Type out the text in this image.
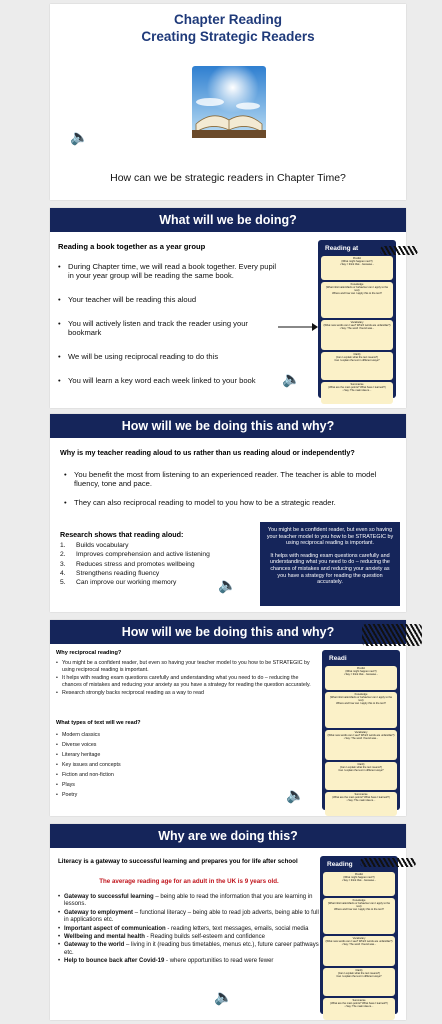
Chapter Reading
Creating Strategic Readers
🔈
How can we be strategic readers in Chapter Time?
What will we be doing?
Reading a book together as a year group
• During Chapter time, we will read a book together. Every pupil in your year group will be reading the same book.
• Your teacher will be reading this aloud
• You will actively listen and track the reader using your bookmark
• We will be using reciprocal reading to do this
• You will learn a key word each week linked to your book	🔈
Reading at
Predict
(What might happen next?)
• Say: I think that... because...
Knowledge
(What information/facts or behaviour can I apply to the text)
Where and how can I apply this to the text?
Vocabulary
(What new words can I see? Which words are unfamiliar?)
• Say: The word I found was...
Clarify
(Can I explain what the text means?)
Can I explain the text in different ways?
Summarise
(What are the main points? What have I learned?)
• Say: The main idea is...
How will we be doing this and why?
Why is my teacher reading aloud to us rather than us reading aloud or independently?
• You benefit the most from listening to an experienced reader. The teacher is able to model fluency, tone and pace.
• They can also reciprocal reading to model to you how to be a strategic reader.
Research shows that reading aloud:
1. Builds vocabulary
2. Improves comprehension and active listening
3. Reduces stress and promotes wellbeing
4. Strengthens reading fluency
5. Can improve our working memory	🔈
You might be a confident reader, but even so having your teacher model to you how to be STRATEGIC by using reciprocal reading is important.
It helps with reading exam questions carefully and understanding what you need to do – reducing the chances of mistakes and reducing your anxiety as you have a strategy for reading the question accurately.
How will we be doing this and why?
Why reciprocal reading?
• You might be a confident reader, but even so having your teacher model to you how to be STRATEGIC by using reciprocal reading is important.
• It helps with reading exam questions carefully and understanding what you need to do – reducing the chances of mistakes and reducing your anxiety as you have a strategy for reading the question accurately.
• Research strongly backs reciprocal reading as a way to read
What types of text will we read?
• Modern classics
• Diverse voices
• Literary heritage
• Key issues and concepts
• Fiction and non-fiction
• Plays
• Poetry	🔈
Readi
Predict
(What might happen next?)
• Say: I think that... because...
Knowledge
(What information/facts or behaviour can I apply to the text)
Where and how can I apply this to the text?
Vocabulary
(What new words can I see? Which words are unfamiliar?)
• Say: The word I found was...
Clarify
(Can I explain what the text means?)
Can I explain the text in different ways?
Summarise
(What are the main points? What have I learned?)
• Say: The main idea is...
Why are we doing this?
Literacy is a gateway to successful learning and prepares you for life after school
The average reading age for an adult in the UK is 9 years old.
• Gateway to successful learning – being able to read the information that you are learning in lessons.
• Gateway to employment – functional literacy – being able to read job adverts, being able to full in applications etc.
• Important aspect of communication - reading letters, text messages, emails, social media
• Wellbeing and mental health - Reading builds self-esteem and confidence
• Gateway to the world – living in it (reading bus timetables, menus etc.), future career pathways etc.
• Help to bounce back after Covid-19 - where opportunities to read were fewer
🔈
Reading
Predict
(What might happen next?)
• Say: I think that... because...
Knowledge
(What information/facts or behaviour can I apply to the text)
Where and how can I apply this to the text?
Vocabulary
(What new words can I see? Which words are unfamiliar?)
• Say: The word I found was...
Clarify
(Can I explain what the text means?)
Can I explain the text in different ways?
Summarise
(What are the main points? What have I learned?)
• Say: The main idea is...
